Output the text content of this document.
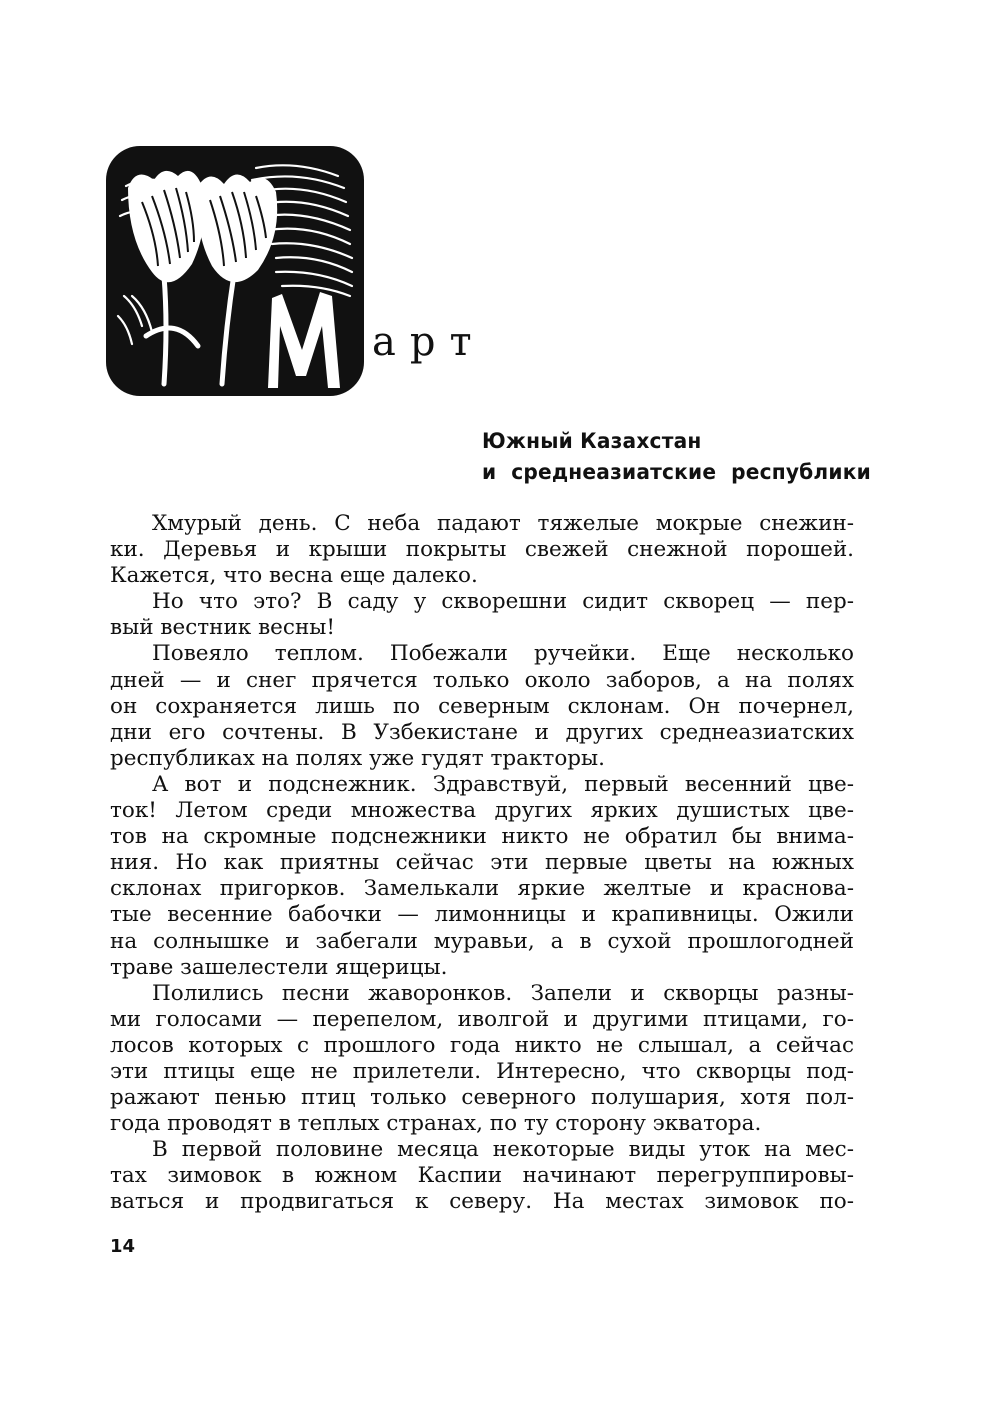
арт
Южный Казахстан
и среднеазиатские республики
Хмурый день. С неба падают тяжелые мокрые снежин-
ки. Деревья и крыши покрыты свежей снежной порошей.
Кажется, что весна еще далеко.
Но что это? В саду у скворешни сидит скворец — пер-
вый вестник весны!
Повеяло теплом. Побежали ручейки. Еще несколько
дней — и снег прячется только около заборов, а на полях
он сохраняется лишь по северным склонам. Он почернел,
дни его сочтены. В Узбекистане и других среднеазиатских
республиках на полях уже гудят тракторы.
А вот и подснежник. Здравствуй, первый весенний цве-
ток! Летом среди множества других ярких душистых цве-
тов на скромные подснежники никто не обратил бы внима-
ния. Но как приятны сейчас эти первые цветы на южных
склонах пригорков. Замелькали яркие желтые и краснова-
тые весенние бабочки — лимонницы и крапивницы. Ожили
на солнышке и забегали муравьи, а в сухой прошлогодней
траве зашелестели ящерицы.
Полились песни жаворонков. Запели и скворцы разны-
ми голосами — перепелом, иволгой и другими птицами, го-
лосов которых с прошлого года никто не слышал, а сейчас
эти птицы еще не прилетели. Интересно, что скворцы под-
ражают пенью птиц только северного полушария, хотя пол-
года проводят в теплых странах, по ту сторону экватора.
В первой половине месяца некоторые виды уток на мес-
тах зимовок в южном Каспии начинают перегруппировы-
ваться и продвигаться к северу. На местах зимовок по-
14
